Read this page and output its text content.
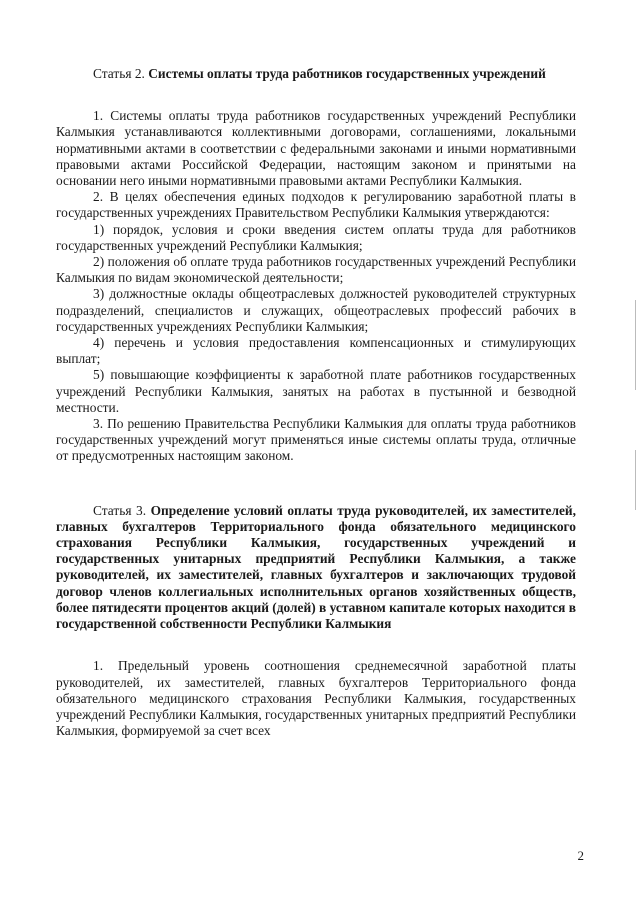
Статья 2. Системы оплаты труда работников государственных учреждений

1. Системы оплаты труда работников государственных учреждений Республики Калмыкия устанавливаются коллективными договорами, соглашениями, локальными нормативными актами в соответствии с федеральными законами и иными нормативными правовыми актами Российской Федерации, настоящим законом и принятыми на основании него иными нормативными правовыми актами Республики Калмыкия.

2. В целях обеспечения единых подходов к регулированию заработной платы в государственных учреждениях Правительством Республики Калмыкия утверждаются:

1) порядок, условия и сроки введения систем оплаты труда для работников государственных учреждений Республики Калмыкия;

2) положения об оплате труда работников государственных учреждений Республики Калмыкия по видам экономической деятельности;

3) должностные оклады общеотраслевых должностей руководителей структурных подразделений, специалистов и служащих, общеотраслевых профессий рабочих в государственных учреждениях Республики Калмыкия;

4) перечень и условия предоставления компенсационных и стимулирующих выплат;

5) повышающие коэффициенты к заработной плате работников государственных учреждений Республики Калмыкия, занятых на работах в пустынной и безводной местности.

3. По решению Правительства Республики Калмыкия для оплаты труда работников государственных учреждений могут применяться иные системы оплаты труда, отличные от предусмотренных настоящим законом.

Статья 3. Определение условий оплаты труда руководителей, их заместителей, главных бухгалтеров Территориального фонда обязательного медицинского страхования Республики Калмыкия, государственных учреждений и государственных унитарных предприятий Республики Калмыкия, а также руководителей, их заместителей, главных бухгалтеров и заключающих трудовой договор членов коллегиальных исполнительных органов хозяйственных обществ, более пятидесяти процентов акций (долей) в уставном капитале которых находится в государственной собственности Республики Калмыкия

1. Предельный уровень соотношения среднемесячной заработной платы руководителей, их заместителей, главных бухгалтеров Территориального фонда обязательного медицинского страхования Республики Калмыкия, государственных учреждений Республики Калмыкия, государственных унитарных предприятий Республики Калмыкия, формируемой за счет всех

2
